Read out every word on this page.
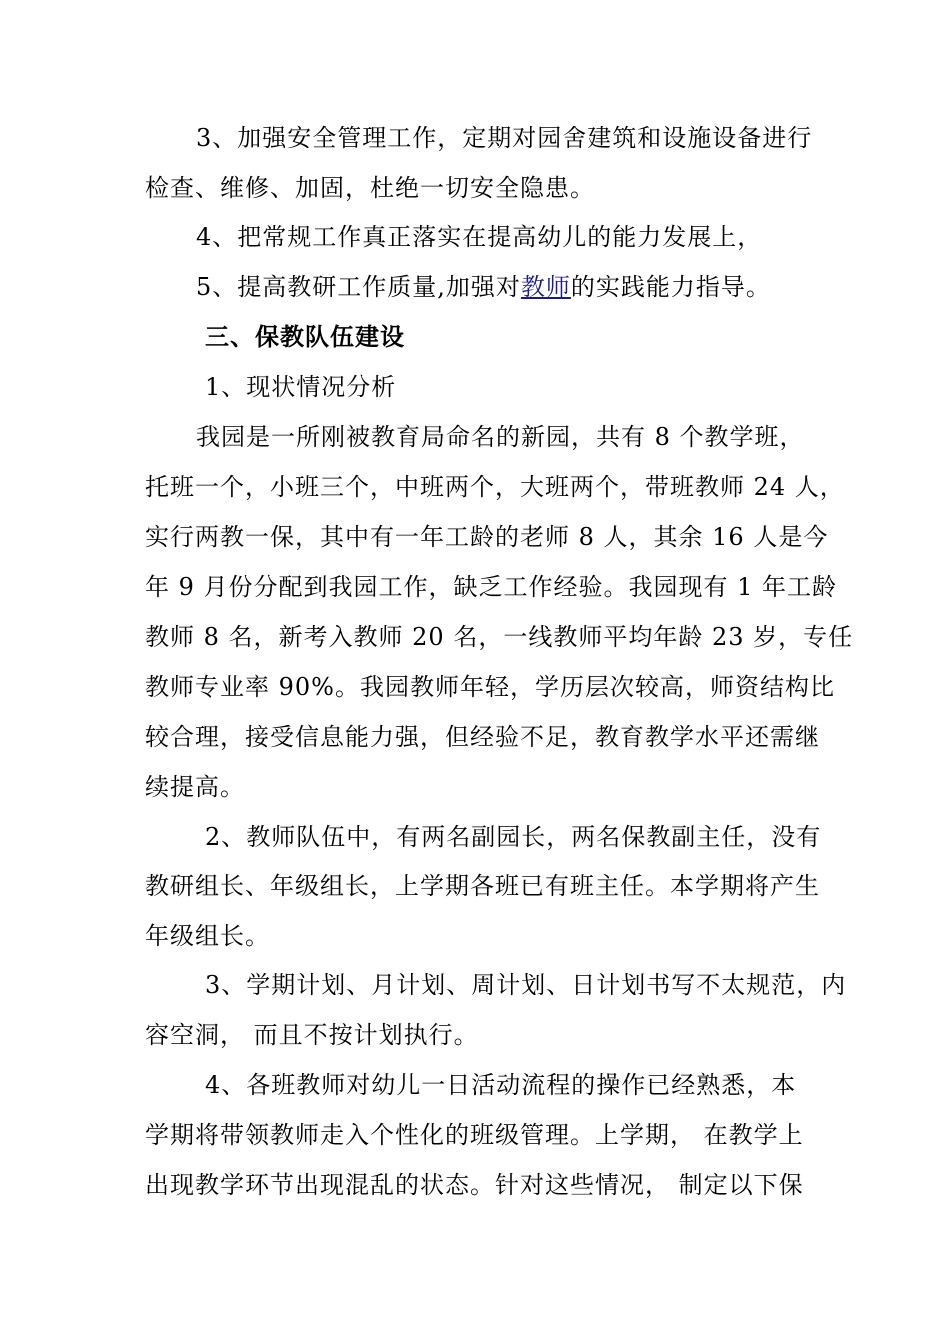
3、加强安全管理工作，定期对园舍建筑和设施设备进行
检查、维修、加固，杜绝一切安全隐患。
4、把常规工作真正落实在提高幼儿的能力发展上，
5、提高教研工作质量,加强对教师的实践能力指导。
三、保教队伍建设
1、现状情况分析
我园是一所刚被教育局命名的新园，共有 8 个教学班，
托班一个，小班三个，中班两个，大班两个，带班教师 24 人，
实行两教一保，其中有一年工龄的老师 8 人，其余 16 人是今
年 9 月份分配到我园工作，缺乏工作经验。我园现有 1 年工龄
教师 8 名，新考入教师 20 名，一线教师平均年龄 23 岁，专任
教师专业率 90%。我园教师年轻，学历层次较高，师资结构比
较合理，接受信息能力强，但经验不足，教育教学水平还需继
续提高。
2、教师队伍中，有两名副园长，两名保教副主任，没有
教研组长、年级组长，上学期各班已有班主任。本学期将产生
年级组长。
3、学期计划、月计划、周计划、日计划书写不太规范，内
容空洞， 而且不按计划执行。
4、各班教师对幼儿一日活动流程的操作已经熟悉，本
学期将带领教师走入个性化的班级管理。上学期， 在教学上
出现教学环节出现混乱的状态。针对这些情况， 制定以下保
